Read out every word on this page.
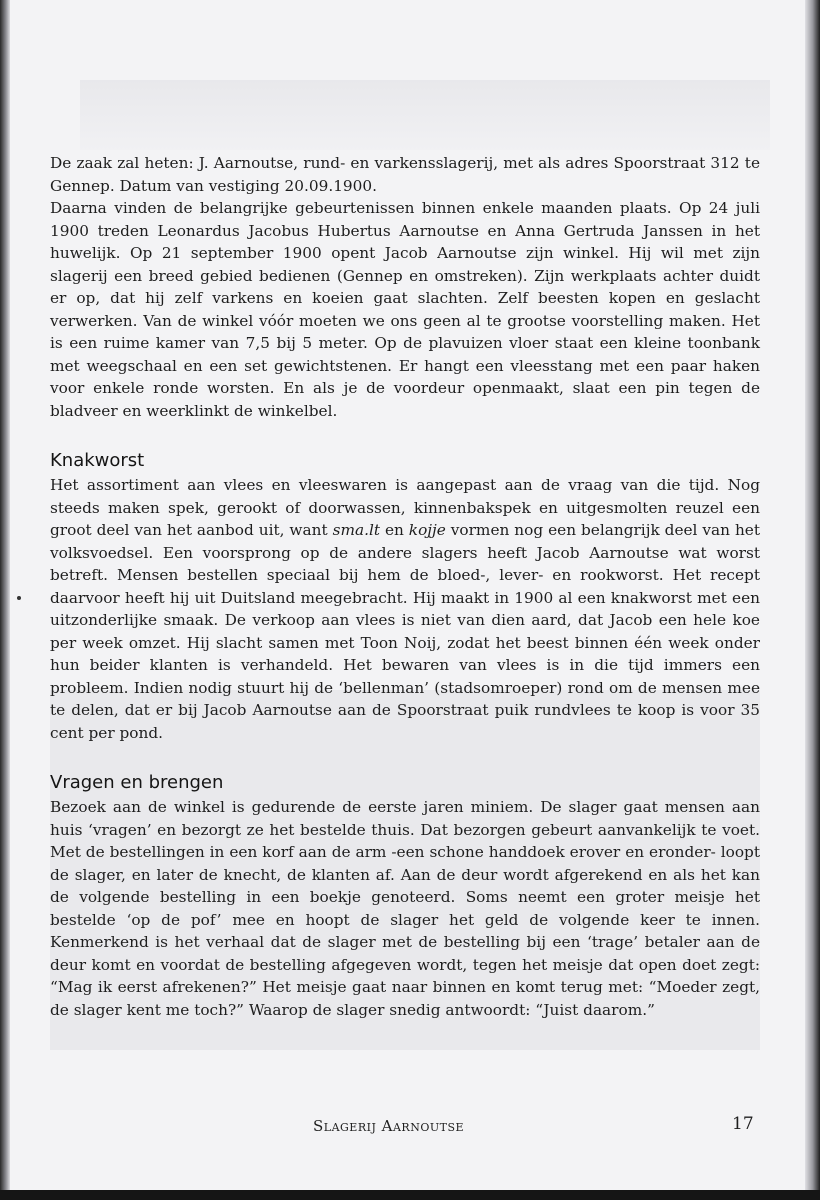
De zaak zal heten: J. Aarnoutse, rund- en varkensslagerij, met als adres Spoorstraat 312 te Gennep. Datum van vestiging 20.09.1900.

Daarna vinden de belangrijke gebeurtenissen binnen enkele maanden plaats. Op 24 juli 1900 treden Leonardus Jacobus Hubertus Aarnoutse en Anna Gertruda Janssen in het huwelijk. Op 21 september 1900 opent Jacob Aarnoutse zijn winkel. Hij wil met zijn slagerij een breed gebied bedienen (Gennep en omstreken). Zijn werkplaats achter duidt er op, dat hij zelf varkens en koeien gaat slachten. Zelf beesten kopen en geslacht verwerken. Van de winkel vóór moeten we ons geen al te grootse voorstelling maken. Het is een ruime kamer van 7,5 bij 5 meter. Op de plavuizen vloer staat een kleine toonbank met weegschaal en een set gewichtstenen. Er hangt een vleesstang met een paar haken voor enkele ronde worsten. En als je de voordeur openmaakt, slaat een pin tegen de bladveer en weerklinkt de winkelbel.

Knakworst

Het assortiment aan vlees en vleeswaren is aangepast aan de vraag van die tijd. Nog steeds maken spek, gerookt of doorwassen, kinnenbakspek en uitgesmolten reuzel een groot deel van het aanbod uit, want sma.lt en kojje vormen nog een belangrijk deel van het volksvoedsel. Een voorsprong op de andere slagers heeft Jacob Aarnoutse wat worst betreft. Mensen bestellen speciaal bij hem de bloed-, lever- en rookworst. Het recept daarvoor heeft hij uit Duitsland meegebracht. Hij maakt in 1900 al een knakworst met een uitzonderlijke smaak. De verkoop aan vlees is niet van dien aard, dat Jacob een hele koe per week omzet. Hij slacht samen met Toon Noij, zodat het beest binnen één week onder hun beider klanten is verhandeld. Het bewaren van vlees is in die tijd immers een probleem. Indien nodig stuurt hij de ‘bellenman’ (stadsomroeper) rond om de mensen mee te delen, dat er bij Jacob Aarnoutse aan de Spoorstraat puik rundvlees te koop is voor 35 cent per pond.

Vragen en brengen

Bezoek aan de winkel is gedurende de eerste jaren miniem. De slager gaat mensen aan huis ‘vragen’ en bezorgt ze het bestelde thuis. Dat bezorgen gebeurt aanvankelijk te voet. Met de bestellingen in een korf aan de arm -een schone handdoek erover en eronder- loopt de slager, en later de knecht, de klanten af. Aan de deur wordt afgerekend en als het kan de volgende bestelling in een boekje genoteerd. Soms neemt een groter meisje het bestelde ‘op de pof’ mee en hoopt de slager het geld de volgende keer te innen. Kenmerkend is het verhaal dat de slager met de bestelling bij een ‘trage’ betaler aan de deur komt en voordat de bestelling afgegeven wordt, tegen het meisje dat open doet zegt: “Mag ik eerst afrekenen?” Het meisje gaat naar binnen en komt terug met: “Moeder zegt, de slager kent me toch?” Waarop de slager snedig antwoordt: “Juist daarom.”

Slagerij Aarnoutse	17
